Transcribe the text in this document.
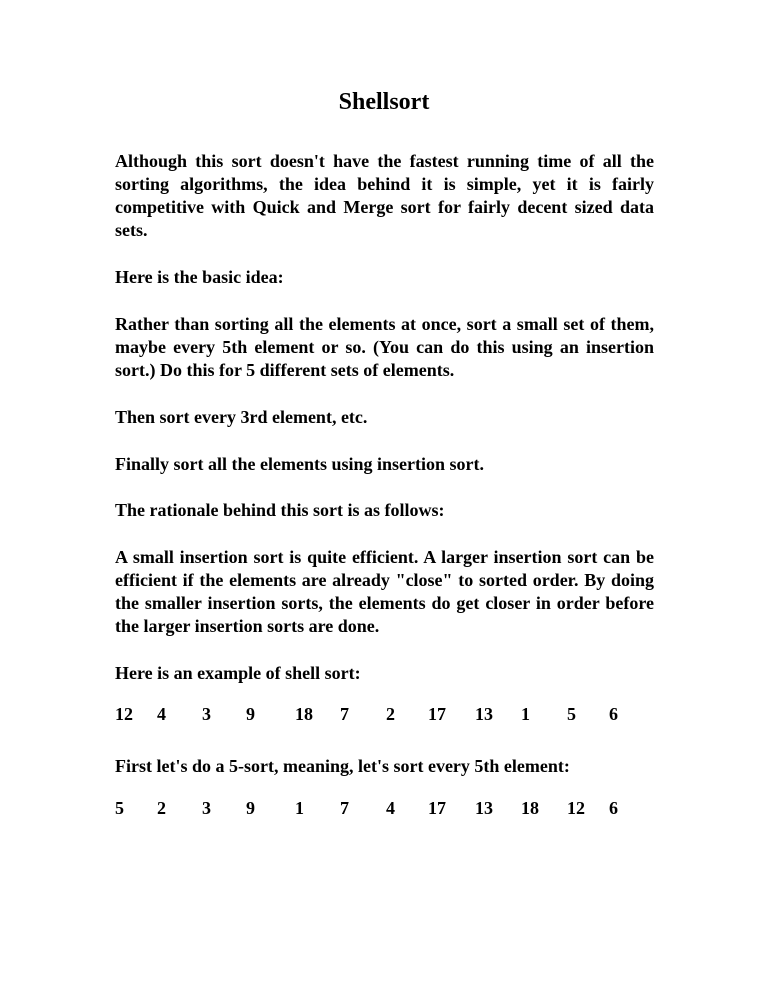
Shellsort

Although this sort doesn't have the fastest running time of all the sorting algorithms, the idea behind it is simple, yet it is fairly competitive with Quick and Merge sort for fairly decent sized data sets.

Here is the basic idea:

Rather than sorting all the elements at once, sort a small set of them, maybe every 5th element or so. (You can do this using an insertion sort.) Do this for 5 different sets of elements.

Then sort every 3rd element, etc.

Finally sort all the elements using insertion sort.

The rationale behind this sort is as follows:

A small insertion sort is quite efficient. A larger insertion sort can be efficient if the elements are already "close" to sorted order. By doing the smaller insertion sorts, the elements do get closer in order before the larger insertion sorts are done.

Here is an example of shell sort:

12 4 3 9 18 7 2 17 13 1 5 6

First let's do a 5-sort, meaning, let's sort every 5th element:

5 2 3 9 1 7 4 17 13 18 12 6
